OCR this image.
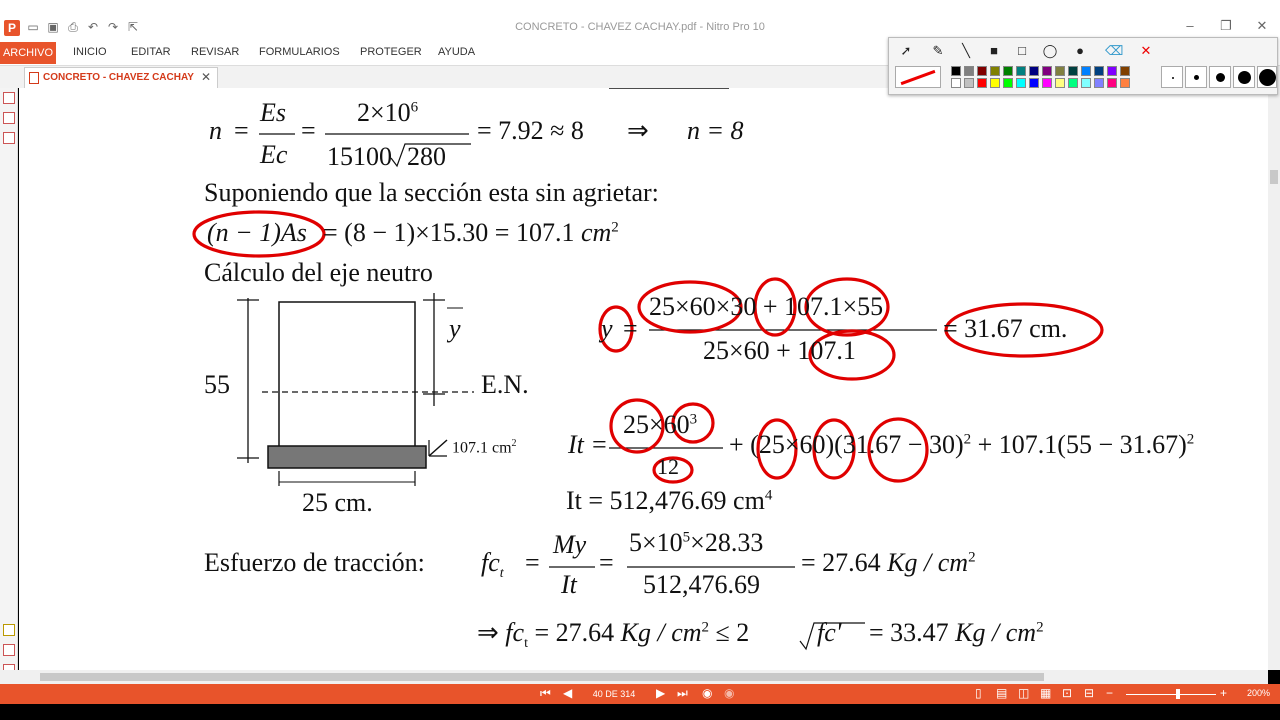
P ▭ ▣ ⎙ ↶ ↷ ⇱	CONCRETO - CHAVEZ CACHAY.pdf - Nitro Pro 10	–	❐	✕
INICIO EDITAR REVISAR FORMULARIOS PROTEGER AYUDA
ARCHIVO
CONCRETO - CHAVEZ CACHAY ✕
n =
Es
Ec
=
$2\times 10^6$
15100 280
= 7.92 ≈ 8 ⇒ n = 8
Suponiendo que la sección esta sin agrietar:
(n − 1)As = (8 − 1)×15.30 = 107.1 $cm^2$
Cálculo del eje neutro
55
y
E.N.
107.1 $cm^2$
25 cm.
y =
25×60×30 + 107.1×55
25×60 + 107.1
= 31.67 cm.
It =
$25\times 60^3$
12
+ $(25\times 60)(31.67 - 30)^2 + 107.1(55 - 31.67)^2$
It = 512,476.69 $cm^4$
Esfuerzo de tracción: $fc_t$ =
My
It
=
$5\times 10^5\times 28.33$
512,476.69
= 27.64 Kg / $cm^2$
⇒ $fc_t = 27.64$ $Kg / cm^2 \le 2$	fc' = 33.47 Kg / $cm^2$
➚ ✎	╲	■	□	◯	●	⌫ ✕
⏮ ◀	40 DE 314	▶ ⏭ ◉ ◉	▯ ▤ ◫ ▦ ⊡ ⊟ −	+ 200%
